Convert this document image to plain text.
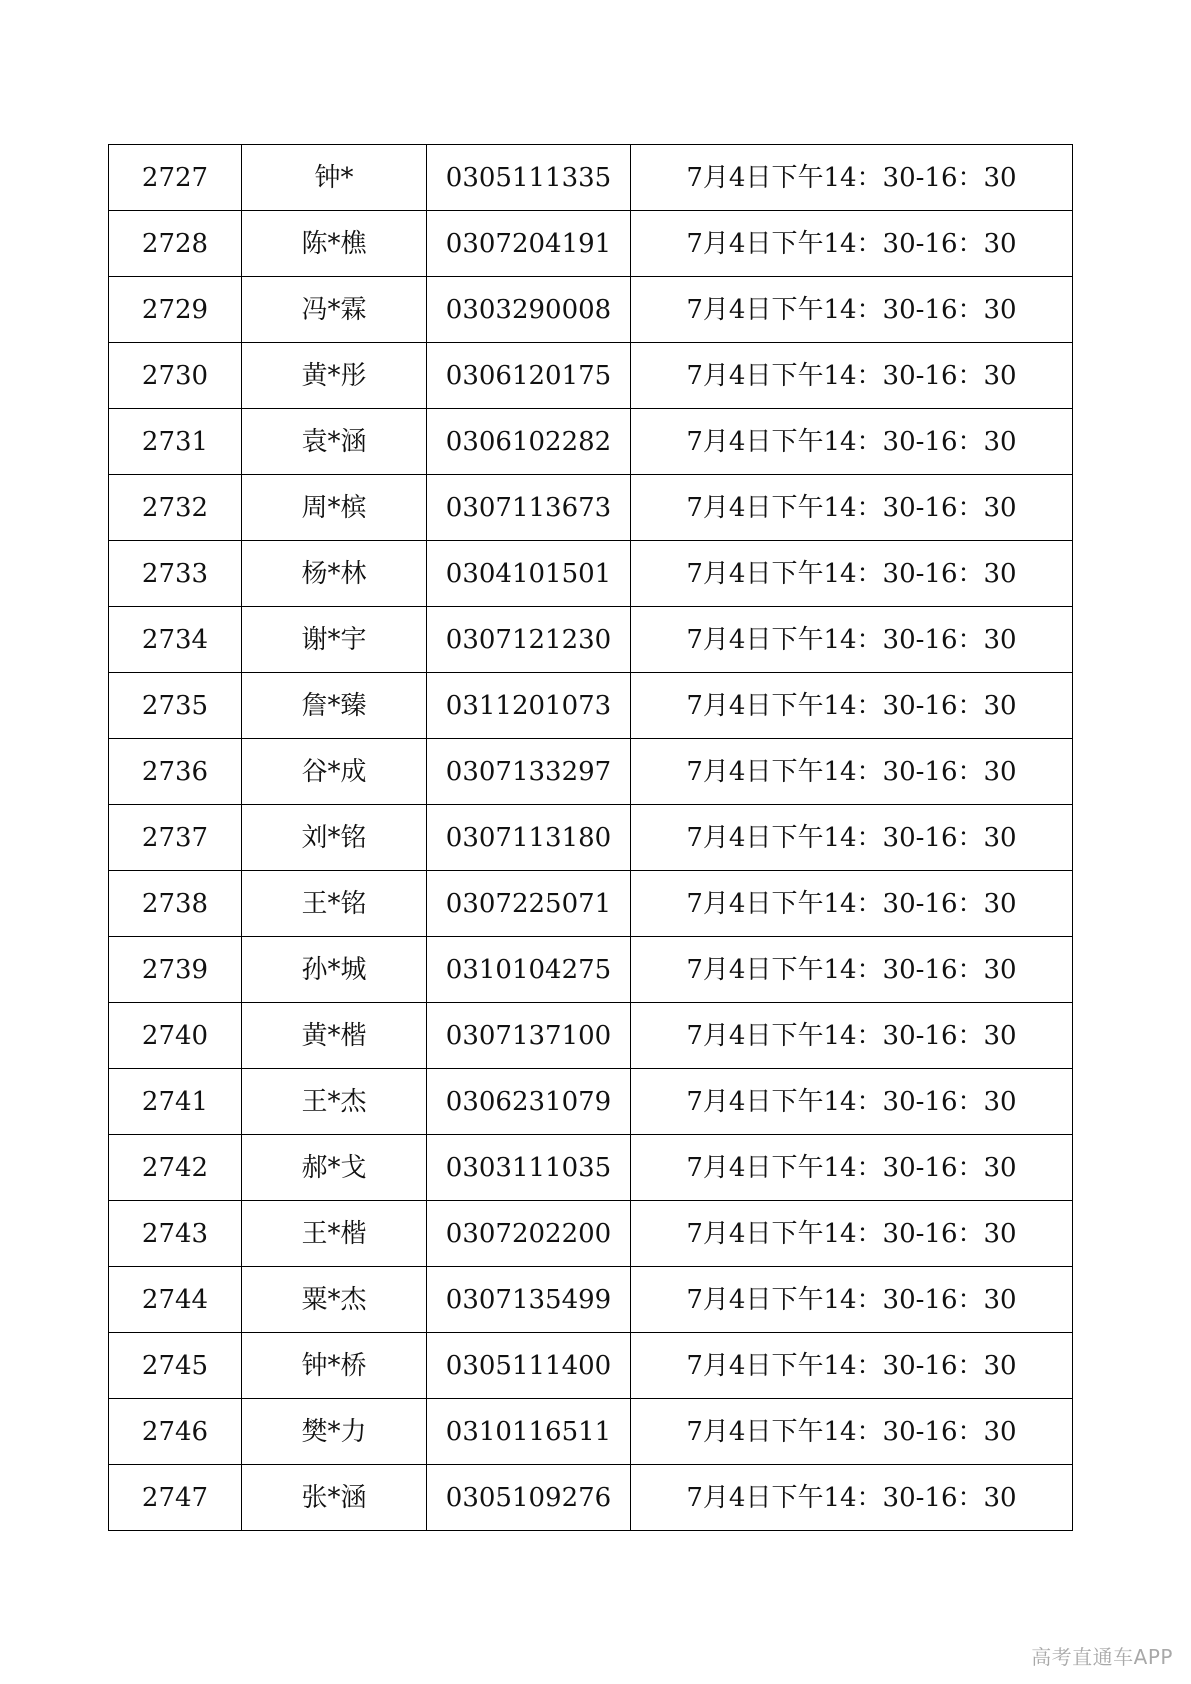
2727	钟*	0305111335	7月4日下午14：30-16：30
2728	陈*樵	0307204191	7月4日下午14：30-16：30
2729	冯*霖	0303290008	7月4日下午14：30-16：30
2730	黄*彤	0306120175	7月4日下午14：30-16：30
2731	袁*涵	0306102282	7月4日下午14：30-16：30
2732	周*槟	0307113673	7月4日下午14：30-16：30
2733	杨*林	0304101501	7月4日下午14：30-16：30
2734	谢*宇	0307121230	7月4日下午14：30-16：30
2735	詹*臻	0311201073	7月4日下午14：30-16：30
2736	谷*成	0307133297	7月4日下午14：30-16：30
2737	刘*铭	0307113180	7月4日下午14：30-16：30
2738	王*铭	0307225071	7月4日下午14：30-16：30
2739	孙*城	0310104275	7月4日下午14：30-16：30
2740	黄*楷	0307137100	7月4日下午14：30-16：30
2741	王*杰	0306231079	7月4日下午14：30-16：30
2742	郝*戈	0303111035	7月4日下午14：30-16：30
2743	王*楷	0307202200	7月4日下午14：30-16：30
2744	粟*杰	0307135499	7月4日下午14：30-16：30
2745	钟*桥	0305111400	7月4日下午14：30-16：30
2746	樊*力	0310116511	7月4日下午14：30-16：30
2747	张*涵	0305109276	7月4日下午14：30-16：30
高考直通车APP
